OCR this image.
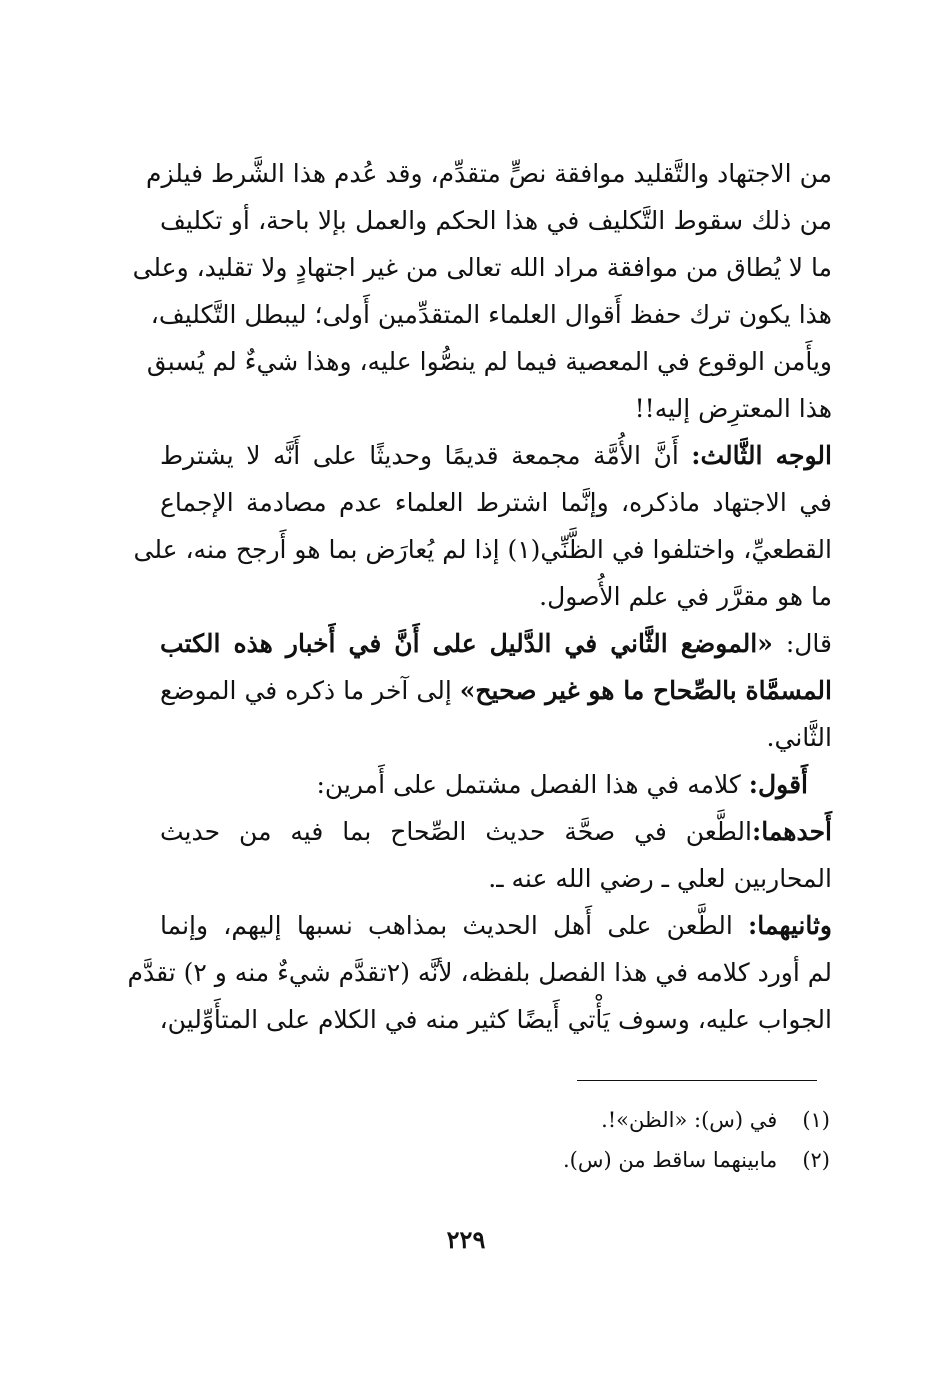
من الاجتهاد والتَّقليد موافقة نصٍّ متقدِّم، وقد عُدم هذا الشَّرط فيلزم
من ذلك سقوط التَّكليف في هذا الحكم والعمل بإلا باحة، أو تكليف
ما لا يُطاق من موافقة مراد الله تعالى من غير اجتهادٍ ولا تقليد، وعلى
هذا يكون ترك حفظ أَقوال العلماء المتقدِّمين أَولى؛ ليبطل التَّكليف،
ويأَمن الوقوع في المعصية فيما لم ينصُّوا عليه، وهذا شيءٌ لم يُسبق
هذا المعترِض إليه!!
الوجه الثَّالث: أَنَّ الأُمَّة مجمعة قديمًا وحديثًا على أَنَّه لا يشترط
في الاجتهاد ماذكره، وإنَّما اشترط العلماء عدم مصادمة الإجماع
القطعيِّ، واختلفوا في الظَّنِّي(١) إذا لم يُعارَض بما هو أَرجح منه، على
ما هو مقرَّر في علم الأُصول.
قال: «الموضع الثَّاني في الدَّليل على أَنَّ في أَخبار هذه الكتب
المسمَّاة بالصِّحاح ما هو غير صحيح» إلى آخر ما ذكره في الموضع
الثَّاني.
أَقول: كلامه في هذا الفصل مشتمل على أَمرين:
أَحدهما:الطَّعن في صحَّة حديث الصِّحاح بما فيه من حديث
المحاربين لعلي ـ رضي الله عنه ـ.
وثانيهما: الطَّعن على أَهل الحديث بمذاهب نسبها إليهم، وإنما
لم أورد كلامه في هذا الفصل بلفظه، لأنَّه (٢تقدَّم شيءٌ منه و ٢) تقدَّم
الجواب عليه، وسوف يَأْتي أَيضًا كثير منه في الكلام على المتأَوِّلين،
(١) في (س): «الظن»!.
(٢) مابينهما ساقط من (س).
٢٢٩
